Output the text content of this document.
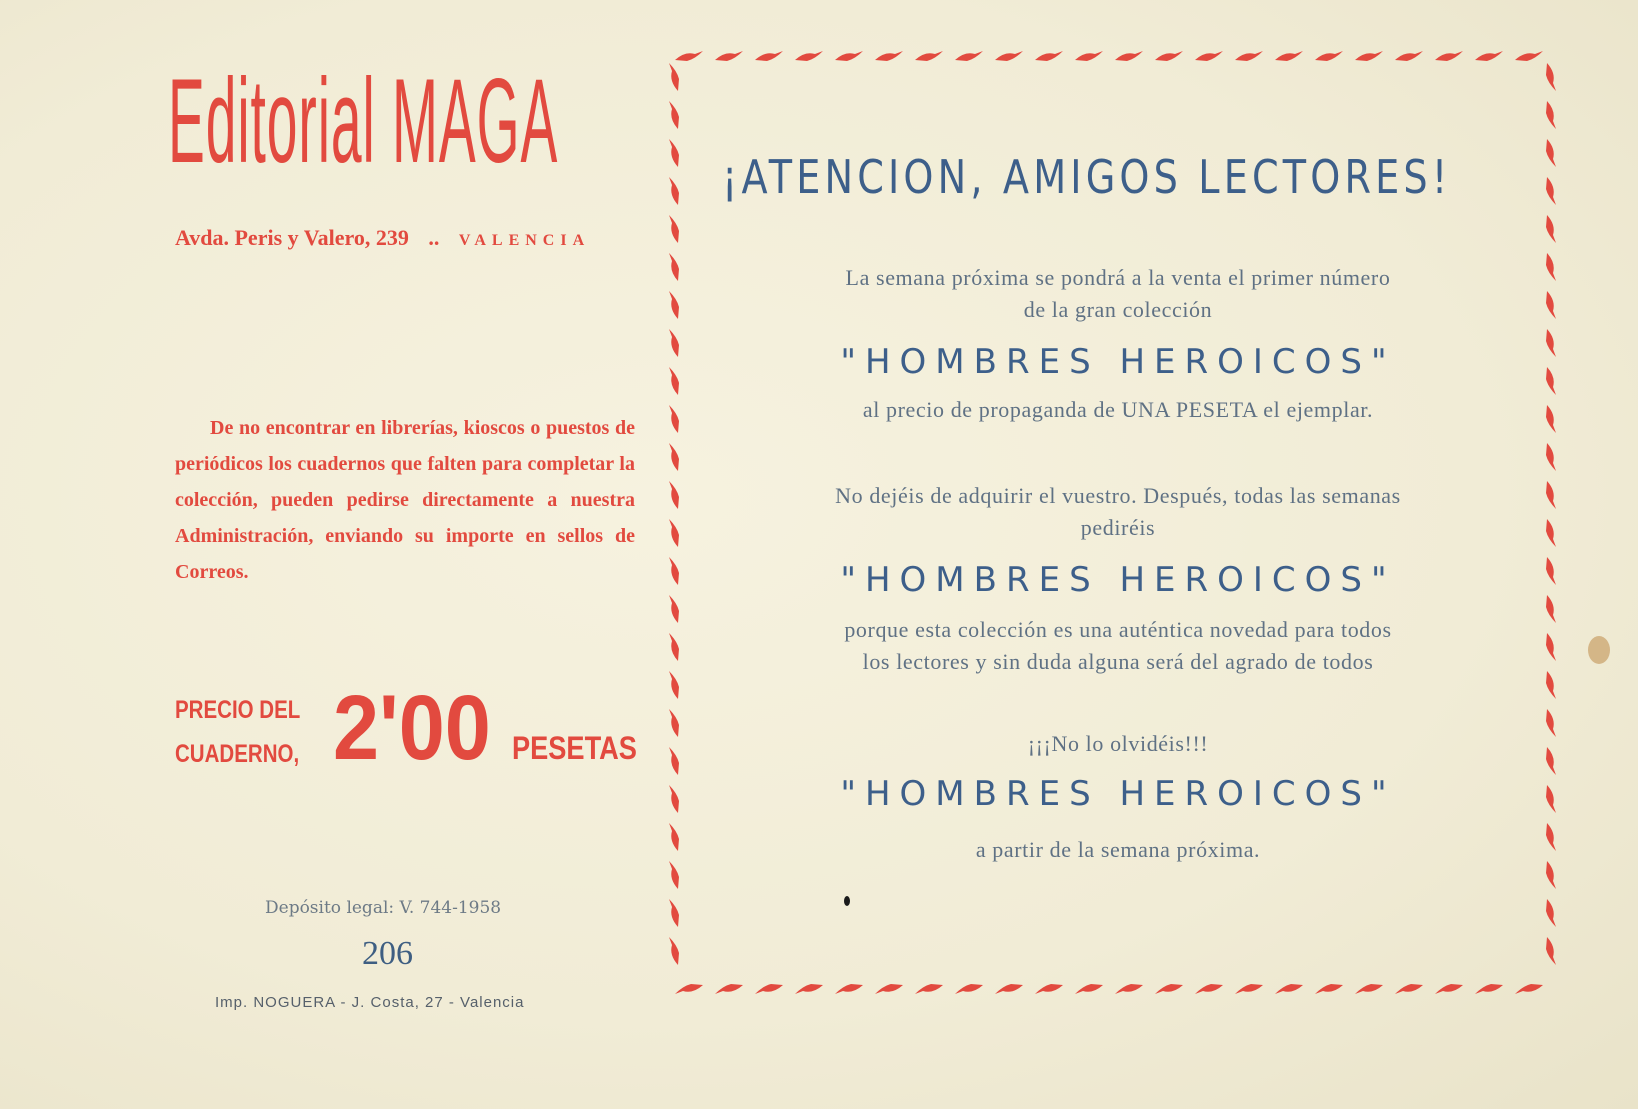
Editorial MAGA
Avda. Peris y Valero, 239 .. VALENCIA
De no encontrar en librerías, kioscos o puestos de periódicos los cuadernos que falten para completar la colección, pueden pedirse directamente a nuestra Administración, enviando su importe en sellos de Correos.
PRECIO DEL
CUADERNO, 2'00 PESETAS
Depósito legal: V. 744-1958
206
Imp. NOGUERA - J. Costa, 27 - Valencia
¡ATENCION, AMIGOS LECTORES!
La semana próxima se pondrá a la venta el primer número
de la gran colección
"HOMBRES HEROICOS"
al precio de propaganda de UNA PESETA el ejemplar.
No dejéis de adquirir el vuestro. Después, todas las semanas
pediréis
"HOMBRES HEROICOS"
porque esta colección es una auténtica novedad para todos
los lectores y sin duda alguna será del agrado de todos
¡¡¡No lo olvidéis!!!
"HOMBRES HEROICOS"
a partir de la semana próxima.
